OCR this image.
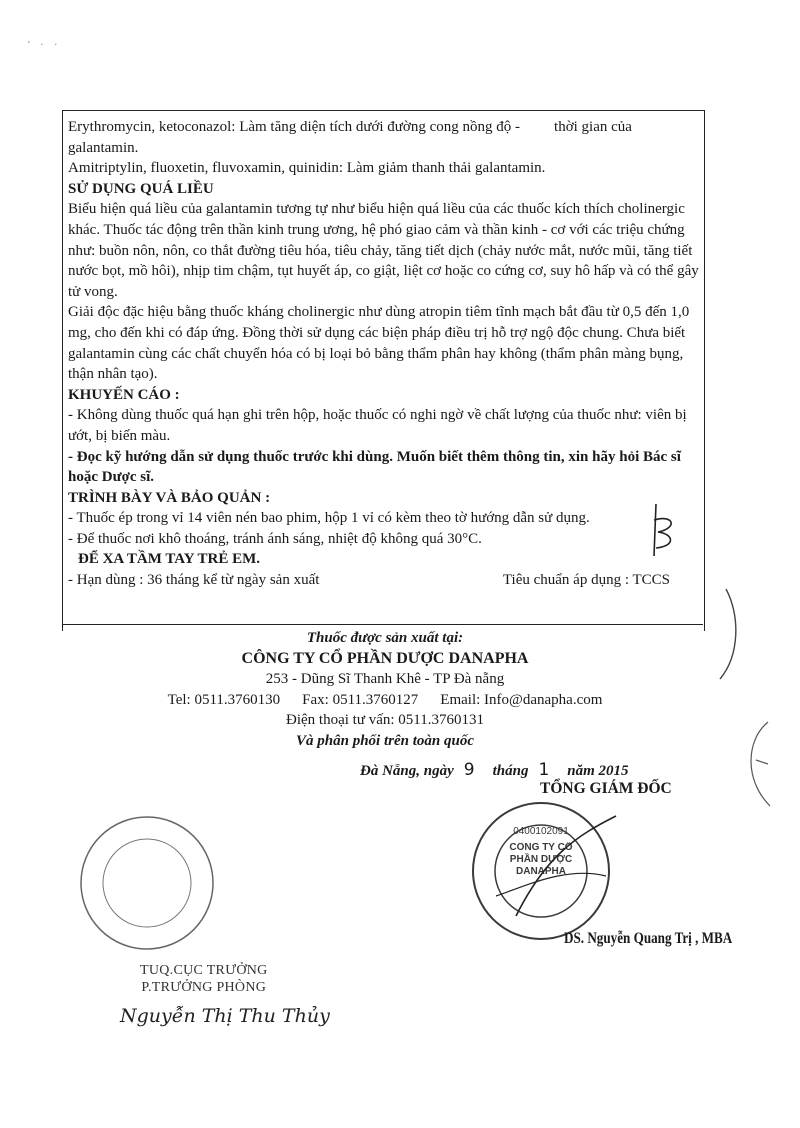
' · ·

Erythromycin, ketoconazol: Làm tăng diện tích dưới đường cong nồng độ - thời gian của

galantamin.

Amitriptylin, fluoxetin, fluvoxamin, quinidin: Làm giảm thanh thải galantamin.

SỬ DỤNG QUÁ LIỀU

Biểu hiện quá liều của galantamin tương tự như biểu hiện quá liều của các thuốc kích thích cholinergic khác. Thuốc tác động trên thần kinh trung ương, hệ phó giao cảm và thần kinh - cơ với các triệu chứng như: buồn nôn, nôn, co thắt đường tiêu hóa, tiêu chảy, tăng tiết dịch (chảy nước mắt, nước mũi, tăng tiết nước bọt, mồ hôi), nhịp tim chậm, tụt huyết áp, co giật, liệt cơ hoặc co cứng cơ, suy hô hấp và có thể gây tử vong.

Giải độc đặc hiệu bằng thuốc kháng cholinergic như dùng atropin tiêm tĩnh mạch bắt đầu từ 0,5 đến 1,0 mg, cho đến khi có đáp ứng. Đồng thời sử dụng các biện pháp điều trị hỗ trợ ngộ độc chung. Chưa biết galantamin cùng các chất chuyển hóa có bị loại bỏ bằng thẩm phân hay không (thẩm phân màng bụng, thận nhân tạo).

KHUYẾN CÁO :

- Không dùng thuốc quá hạn ghi trên hộp, hoặc thuốc có nghi ngờ về chất lượng của thuốc như: viên bị ướt, bị biến màu.

- Đọc kỹ hướng dẫn sử dụng thuốc trước khi dùng. Muốn biết thêm thông tin, xin hãy hỏi Bác sĩ hoặc Dược sĩ.

TRÌNH BÀY VÀ BẢO QUẢN :

- Thuốc ép trong vỉ 14 viên nén bao phim, hộp 1 vỉ có kèm theo tờ hướng dẫn sử dụng.

- Để thuốc nơi khô thoáng, tránh ánh sáng, nhiệt độ không quá 30°C.

ĐỂ XA TẦM TAY TRẺ EM.

- Hạn dùng : 36 tháng kể từ ngày sản xuất	Tiêu chuẩn áp dụng : TCCS

Thuốc được sản xuất tại:
CÔNG TY CỔ PHẦN DƯỢC DANAPHA
253 - Dũng Sĩ Thanh Khê - TP Đà nẵng
Tel: 0511.3760130 Fax: 0511.3760127 Email: Info@danapha.com
Điện thoại tư vấn: 0511.3760131
Và phân phối trên toàn quốc
Đà Nẵng, ngày 9 tháng 1 năm 2015
TỔNG GIÁM ĐỐC
0400102091
CÔNG TY CỔ PHẦN DƯỢC DANAPHA
DS. Nguyễn Quang Trị , MBA
TUQ.CỤC TRƯỞNG
P.TRƯỞNG PHÒNG
Nguyễn Thị Thu Thủy
